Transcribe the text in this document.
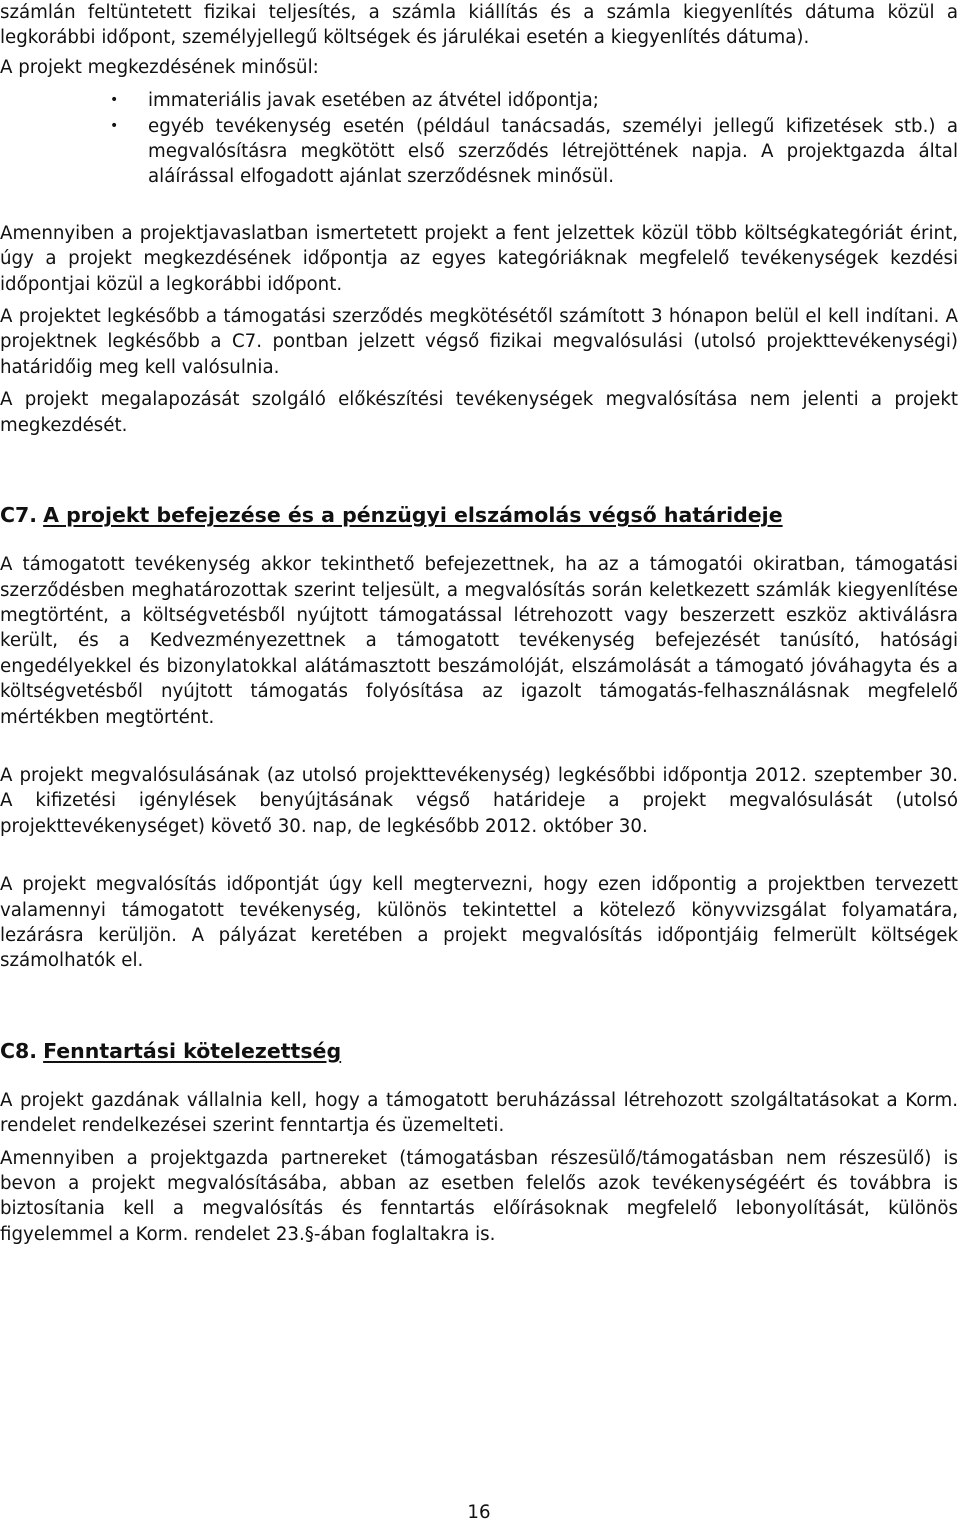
számlán feltüntetett fizikai teljesítés, a számla kiállítás és a számla kiegyenlítés dátuma közül a legkorábbi időpont, személyjellegű költségek és járulékai esetén a kiegyenlítés dátuma).

A projekt megkezdésének minősül:

• immateriális javak esetében az átvétel időpontja;
• egyéb tevékenység esetén (például tanácsadás, személyi jellegű kifizetések stb.) a megvalósításra megkötött első szerződés létrejöttének napja. A projektgazda által aláírással elfogadott ajánlat szerződésnek minősül.

Amennyiben a projektjavaslatban ismertetett projekt a fent jelzettek közül több költségkategóriát érint, úgy a projekt megkezdésének időpontja az egyes kategóriáknak megfelelő tevékenységek kezdési időpontjai közül a legkorábbi időpont.

A projektet legkésőbb a támogatási szerződés megkötésétől számított 3 hónapon belül el kell indítani. A projektnek legkésőbb a C7. pontban jelzett végső fizikai megvalósulási (utolsó projekttevékenységi) határidőig meg kell valósulnia.

A projekt megalapozását szolgáló előkészítési tevékenységek megvalósítása nem jelenti a projekt megkezdését.

C7. A projekt befejezése és a pénzügyi elszámolás végső határideje

A támogatott tevékenység akkor tekinthető befejezettnek, ha az a támogatói okiratban, támogatási szerződésben meghatározottak szerint teljesült, a megvalósítás során keletkezett számlák kiegyenlítése megtörtént, a költségvetésből nyújtott támogatással létrehozott vagy beszerzett eszköz aktiválásra került, és a Kedvezményezettnek a támogatott tevékenység befejezését tanúsító, hatósági engedélyekkel és bizonylatokkal alátámasztott beszámolóját, elszámolását a támogató jóváhagyta és a költségvetésből nyújtott támogatás folyósítása az igazolt támogatás-felhasználásnak megfelelő mértékben megtörtént.

A projekt megvalósulásának (az utolsó projekttevékenység) legkésőbbi időpontja 2012. szeptember 30. A kifizetési igénylések benyújtásának végső határideje a projekt megvalósulását (utolsó projekttevékenységet) követő 30. nap, de legkésőbb 2012. október 30.

A projekt megvalósítás időpontját úgy kell megtervezni, hogy ezen időpontig a projektben tervezett valamennyi támogatott tevékenység, különös tekintettel a kötelező könyvvizsgálat folyamatára, lezárásra kerüljön. A pályázat keretében a projekt megvalósítás időpontjáig felmerült költségek számolhatók el.

C8. Fenntartási kötelezettség

A projekt gazdának vállalnia kell, hogy a támogatott beruházással létrehozott szolgáltatásokat a Korm. rendelet rendelkezései szerint fenntartja és üzemelteti.

Amennyiben a projektgazda partnereket (támogatásban részesülő/támogatásban nem részesülő) is bevon a projekt megvalósításába, abban az esetben felelős azok tevékenységéért és továbbra is biztosítania kell a megvalósítás és fenntartás előírásoknak megfelelő lebonyolítását, különös figyelemmel a Korm. rendelet 23.§-ában foglaltakra is.

16
